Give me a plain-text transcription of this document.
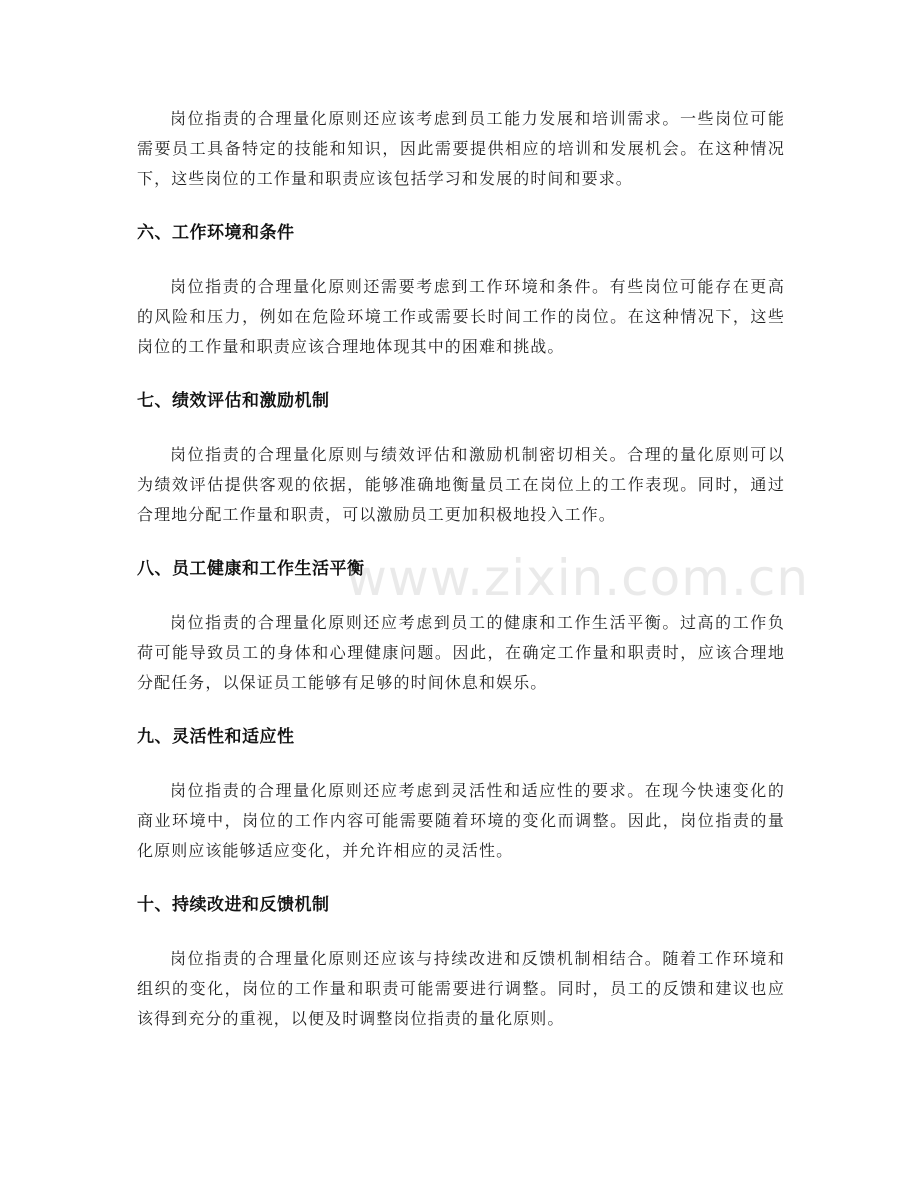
岗位指责的合理量化原则还应该考虑到员工能力发展和培训需求。一些岗位可能需要员工具备特定的技能和知识，因此需要提供相应的培训和发展机会。在这种情况下，这些岗位的工作量和职责应该包括学习和发展的时间和要求。

六、工作环境和条件

岗位指责的合理量化原则还需要考虑到工作环境和条件。有些岗位可能存在更高的风险和压力，例如在危险环境工作或需要长时间工作的岗位。在这种情况下，这些岗位的工作量和职责应该合理地体现其中的困难和挑战。

七、绩效评估和激励机制

岗位指责的合理量化原则与绩效评估和激励机制密切相关。合理的量化原则可以为绩效评估提供客观的依据，能够准确地衡量员工在岗位上的工作表现。同时，通过合理地分配工作量和职责，可以激励员工更加积极地投入工作。

八、员工健康和工作生活平衡

岗位指责的合理量化原则还应考虑到员工的健康和工作生活平衡。过高的工作负荷可能导致员工的身体和心理健康问题。因此，在确定工作量和职责时，应该合理地分配任务，以保证员工能够有足够的时间休息和娱乐。

九、灵活性和适应性

岗位指责的合理量化原则还应考虑到灵活性和适应性的要求。在现今快速变化的商业环境中，岗位的工作内容可能需要随着环境的变化而调整。因此，岗位指责的量化原则应该能够适应变化，并允许相应的灵活性。

十、持续改进和反馈机制

岗位指责的合理量化原则还应该与持续改进和反馈机制相结合。随着工作环境和组织的变化，岗位的工作量和职责可能需要进行调整。同时，员工的反馈和建议也应该得到充分的重视，以便及时调整岗位指责的量化原则。

www.zixin.com.cn
